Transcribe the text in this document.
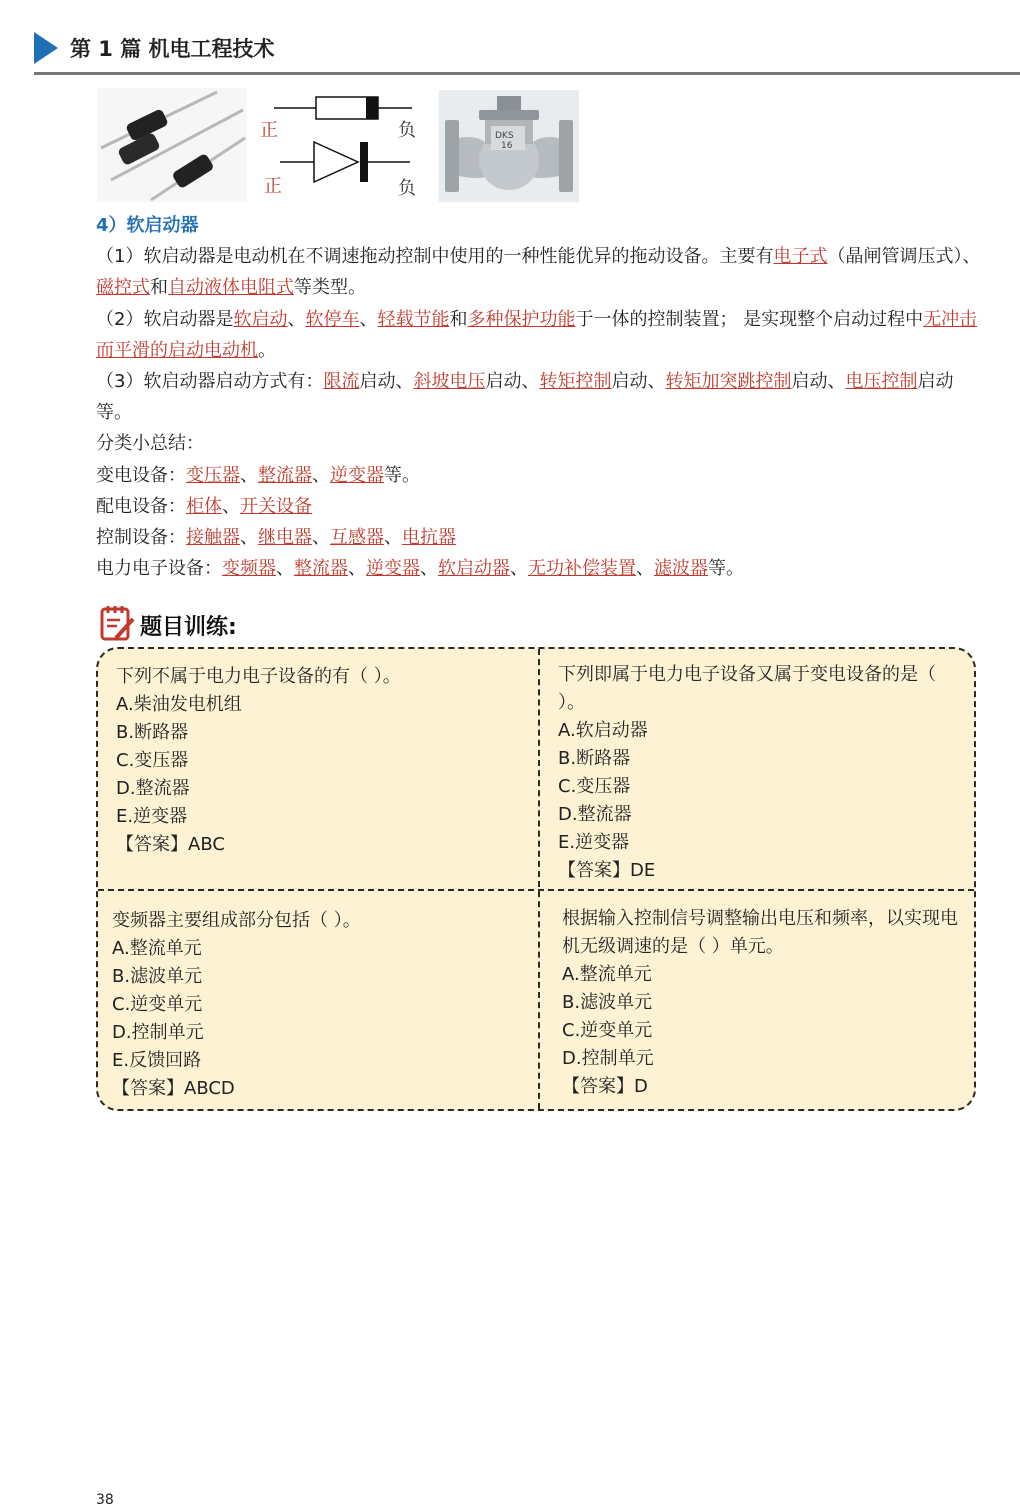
第 1 篇 机电工程技术
正	负
正	负
DKS
16
4）软启动器

（1）软启动器是电动机在不调速拖动控制中使用的一种性能优异的拖动设备。主要有电子式（晶闸管调压式）、磁控式和自动液体电阻式等类型。

（2）软启动器是软启动、软停车、轻载节能和多种保护功能于一体的控制装置； 是实现整个启动过程中无冲击而平滑的启动电动机。

（3）软启动器启动方式有：限流启动、斜坡电压启动、转矩控制启动、转矩加突跳控制启动、电压控制启动等。

分类小总结：
变电设备：变压器、整流器、逆变器等。
配电设备：柜体、开关设备
控制设备：接触器、继电器、互感器、电抗器
电力电子设备：变频器、整流器、逆变器、软启动器、无功补偿装置、滤波器等。
题目训练:
下列不属于电力电子设备的有（ ）。
A.柴油发电机组
B.断路器
C.变压器
D.整流器
E.逆变器
【答案】ABC
下列即属于电力电子设备又属于变电设备的是（ ）。
A.软启动器
B.断路器
C.变压器
D.整流器
E.逆变器
【答案】DE
变频器主要组成部分包括（ ）。
A.整流单元
B.滤波单元
C.逆变单元
D.控制单元
E.反馈回路
【答案】ABCD
根据输入控制信号调整输出电压和频率，以实现电机无级调速的是（ ）单元。
A.整流单元
B.滤波单元
C.逆变单元
D.控制单元
【答案】D
38
